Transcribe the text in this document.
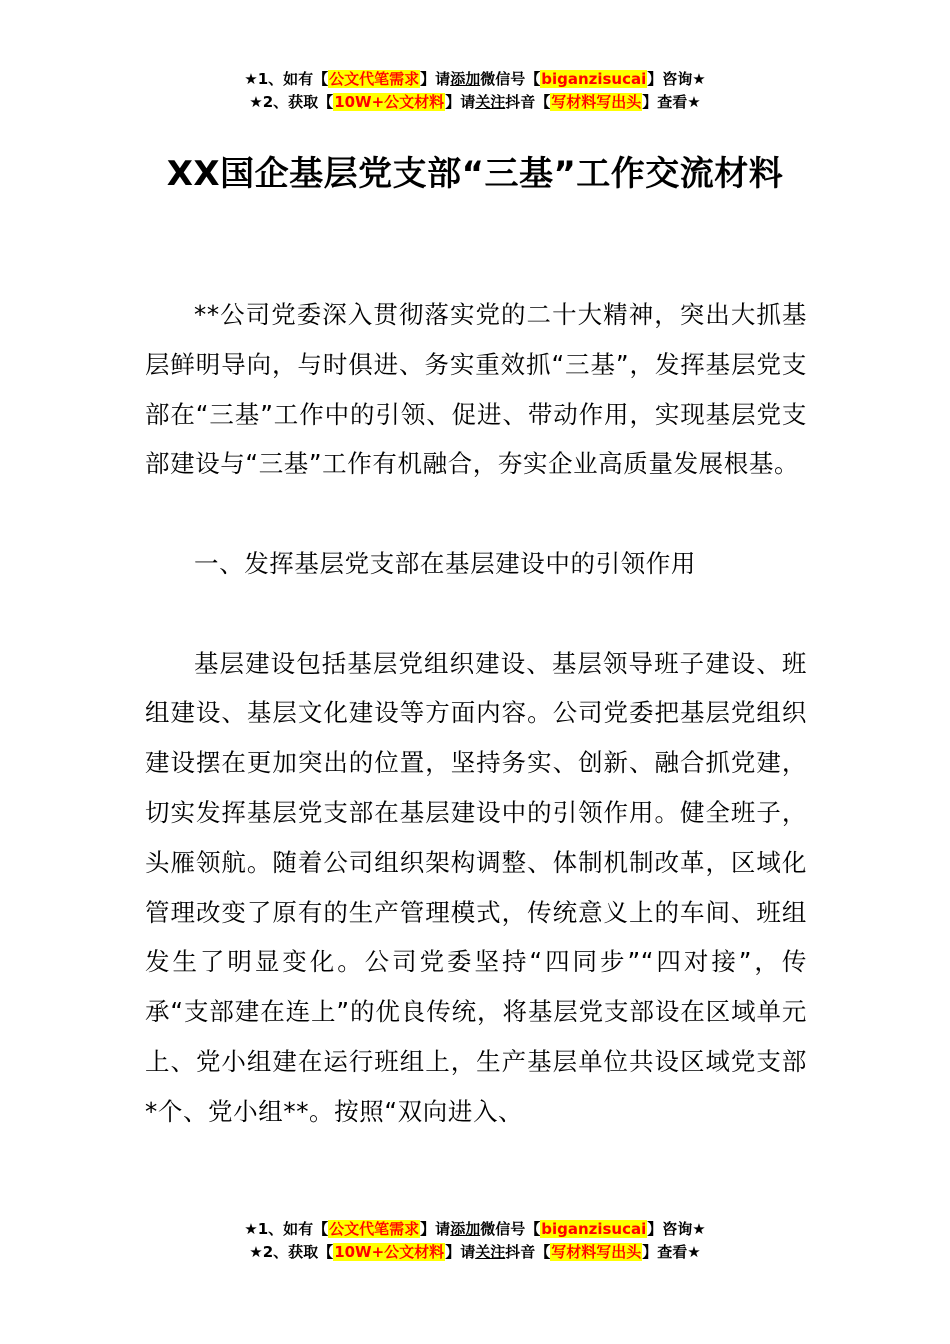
★1、如有【公文代笔需求】请添加微信号【biganzisucai】咨询★
★2、获取【10W+公文材料】请关注抖音【写材料写出头】查看★
XX国企基层党支部“三基”工作交流材料

**公司党委深入贯彻落实党的二十大精神，突出大抓基层鲜明导向，与时俱进、务实重效抓“三基”，发挥基层党支部在“三基”工作中的引领、促进、带动作用，实现基层党支部建设与“三基”工作有机融合，夯实企业高质量发展根基。

一、发挥基层党支部在基层建设中的引领作用

基层建设包括基层党组织建设、基层领导班子建设、班组建设、基层文化建设等方面内容。公司党委把基层党组织建设摆在更加突出的位置，坚持务实、创新、融合抓党建，切实发挥基层党支部在基层建设中的引领作用。健全班子，头雁领航。随着公司组织架构调整、体制机制改革，区域化管理改变了原有的生产管理模式，传统意义上的车间、班组发生了明显变化。公司党委坚持“四同步”“四对接”，传承“支部建在连上”的优良传统，将基层党支部设在区域单元上、党小组建在运行班组上，生产基层单位共设区域党支部*个、党小组**。按照“双向进入、

★1、如有【公文代笔需求】请添加微信号【biganzisucai】咨询★
★2、获取【10W+公文材料】请关注抖音【写材料写出头】查看★
